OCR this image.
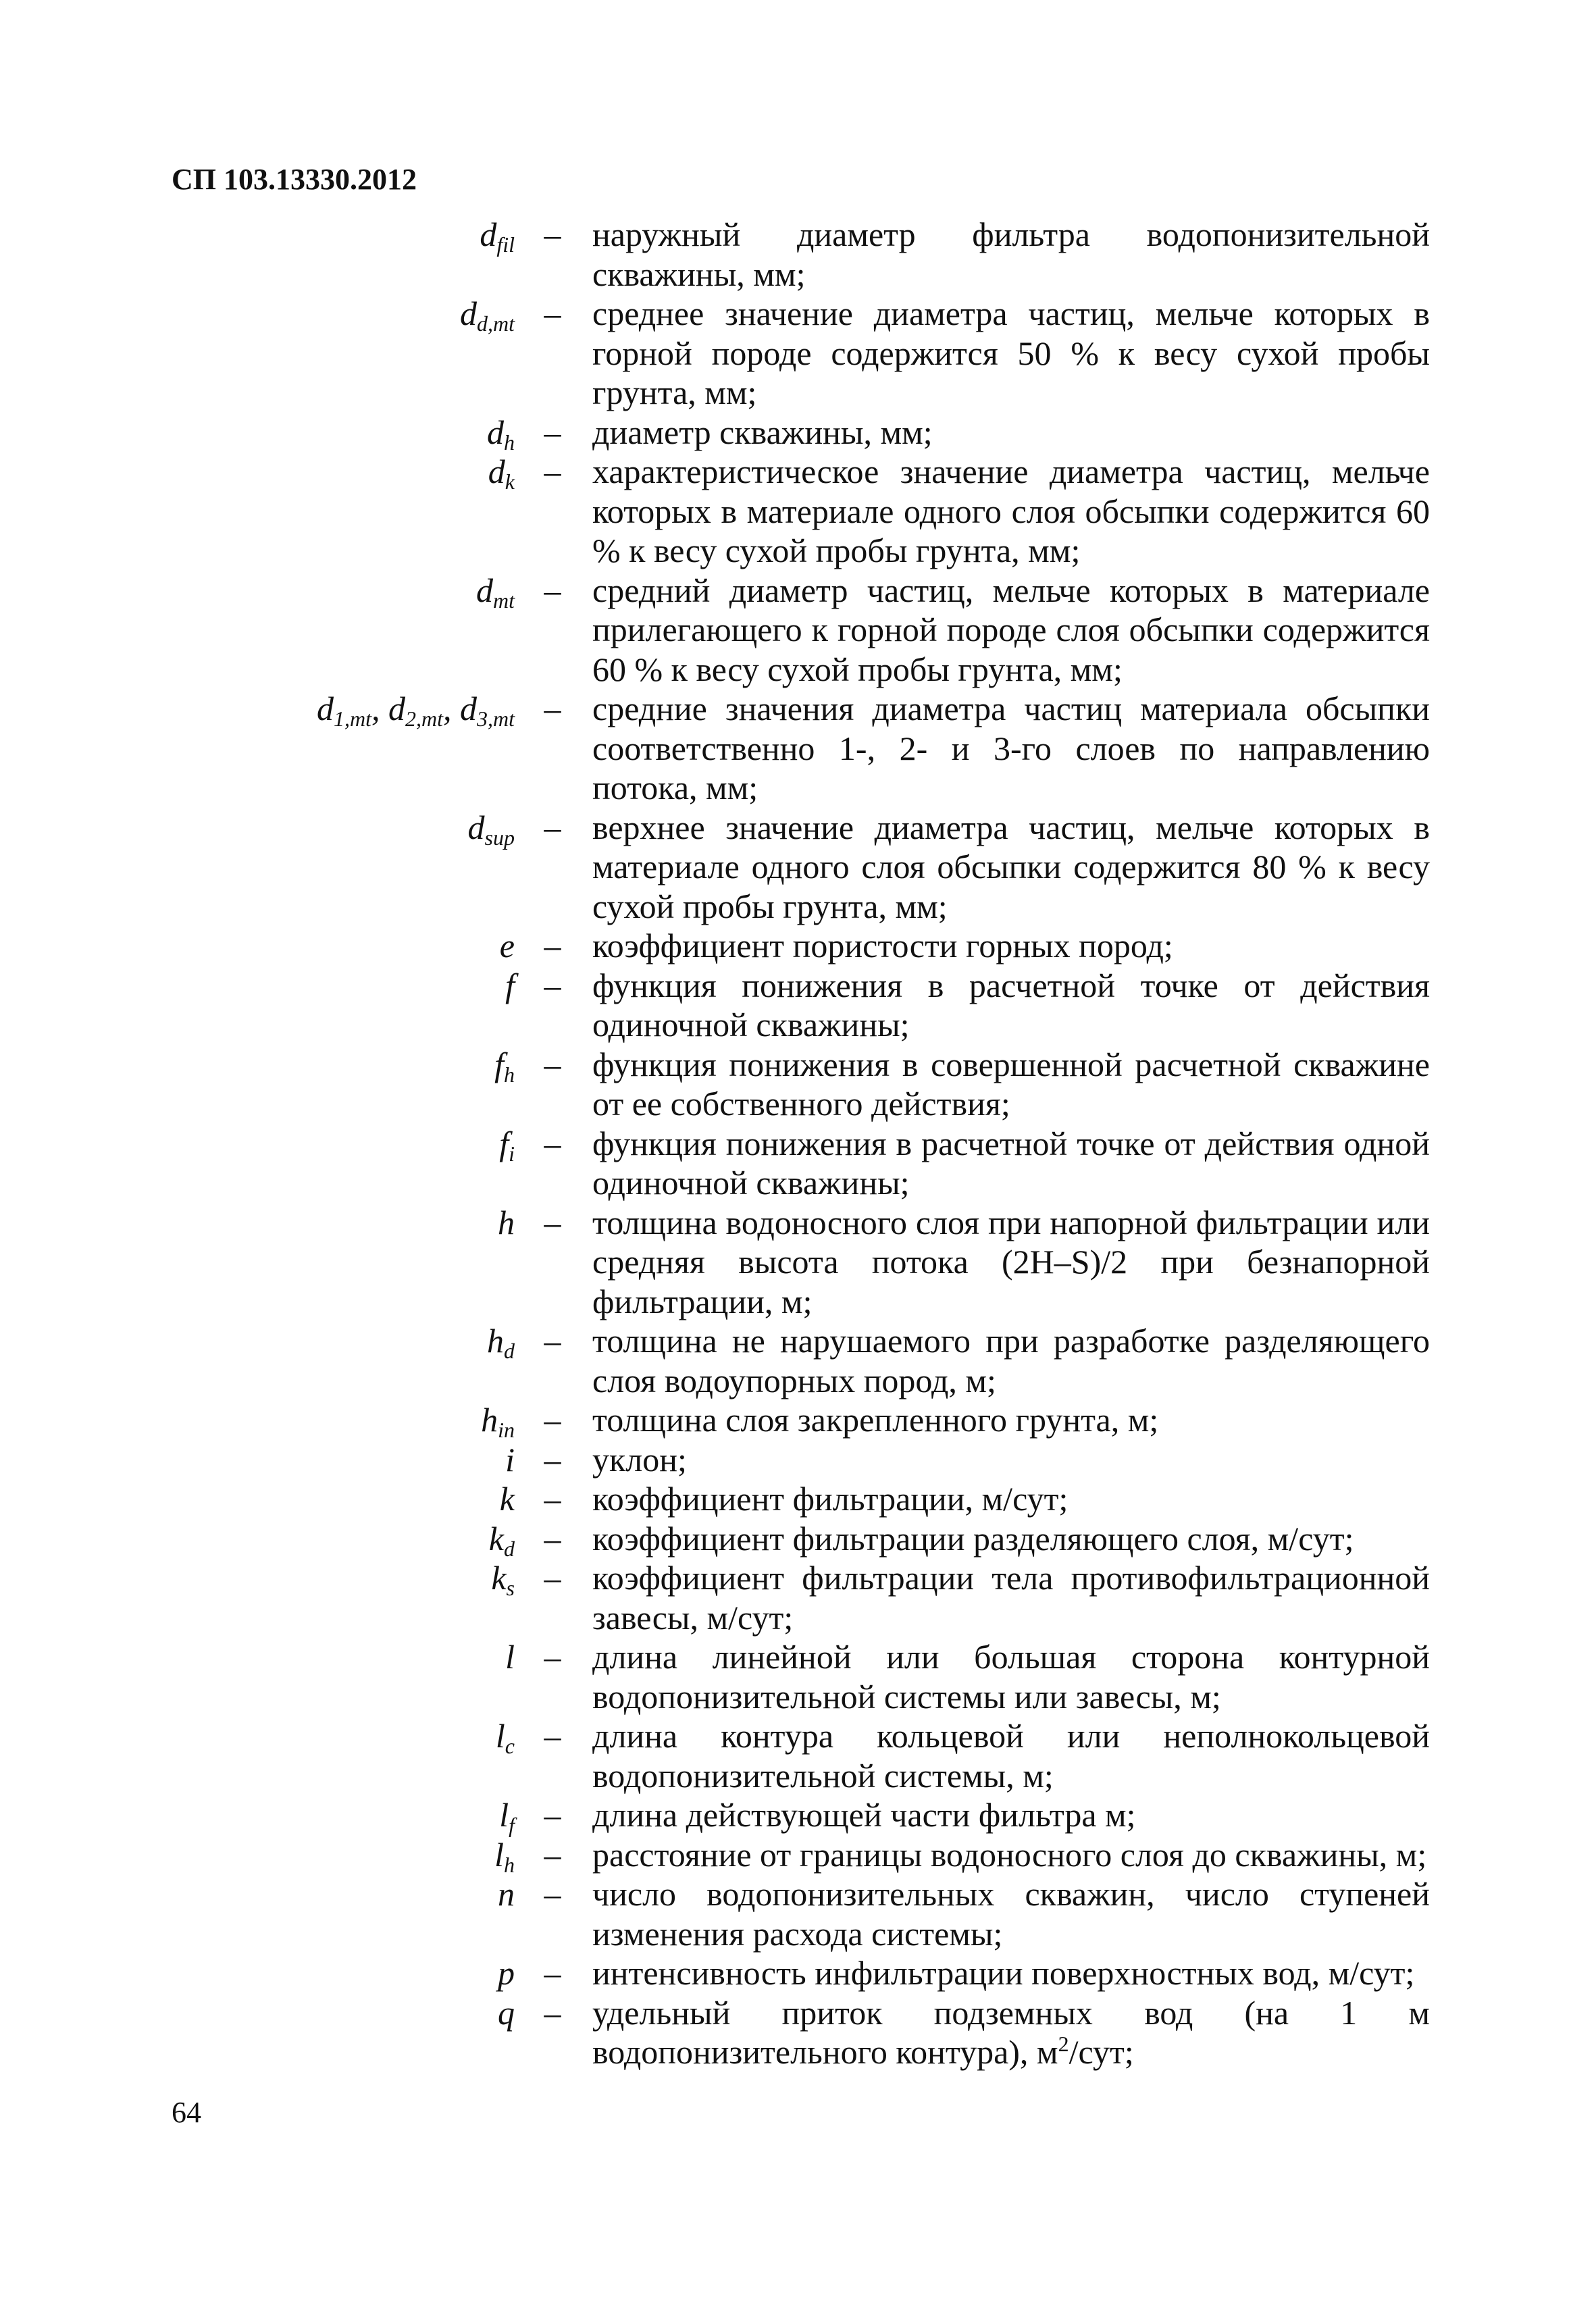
СП 103.13330.2012
$d_{fil}$ – наружный диаметр фильтра водопонизительной скважины, мм;
$d_{d,mt}$ – среднее значение диаметра частиц, мельче которых в горной породе содержится 50 % к весу сухой пробы грунта, мм;
$d_h$ – диаметр скважины, мм;
$d_k$ – характеристическое значение диаметра частиц, мельче которых в материале одного слоя обсыпки содержится 60 % к весу сухой пробы грунта, мм;
$d_{mt}$ – средний диаметр частиц, мельче которых в материале прилегающего к горной породе слоя обсыпки содержится 60 % к весу сухой пробы грунта, мм;
$d_{1,mt}$, $d_{2,mt}$, $d_{3,mt}$ – средние значения диаметра частиц материала обсыпки соответственно 1-, 2- и 3-го слоев по направлению потока, мм;
$d_{sup}$ – верхнее значение диаметра частиц, мельче которых в материале одного слоя обсыпки содержится 80 % к весу сухой пробы грунта, мм;
e – коэффициент пористости горных пород;
f – функция понижения в расчетной точке от действия одиночной скважины;
$f_h$ – функция понижения в совершенной расчетной скважине от ее собственного действия;
$f_i$ – функция понижения в расчетной точке от действия одной одиночной скважины;
h – толщина водоносного слоя при напорной фильтрации или средняя высота потока (2H–S)/2 при безнапорной фильтрации, м;
$h_d$ – толщина не нарушаемого при разработке разделяющего слоя водоупорных пород, м;
$h_{in}$ – толщина слоя закрепленного грунта, м;
i – уклон;
k – коэффициент фильтрации, м/сут;
$k_d$ – коэффициент фильтрации разделяющего слоя, м/сут;
$k_s$ – коэффициент фильтрации тела противофильтрационной завесы, м/сут;
l – длина линейной или большая сторона контурной водопонизительной системы или завесы, м;
$l_c$ – длина контура кольцевой или неполнокольцевой водопонизительной системы, м;
$l_f$ – длина действующей части фильтра м;
$l_h$ – расстояние от границы водоносного слоя до скважины, м;
n – число водопонизительных скважин, число ступеней изменения расхода системы;
p – интенсивность инфильтрации поверхностных вод, м/сут;
q – удельный приток подземных вод (на 1 м водопонизительного контура), $м^2$/сут;
64
